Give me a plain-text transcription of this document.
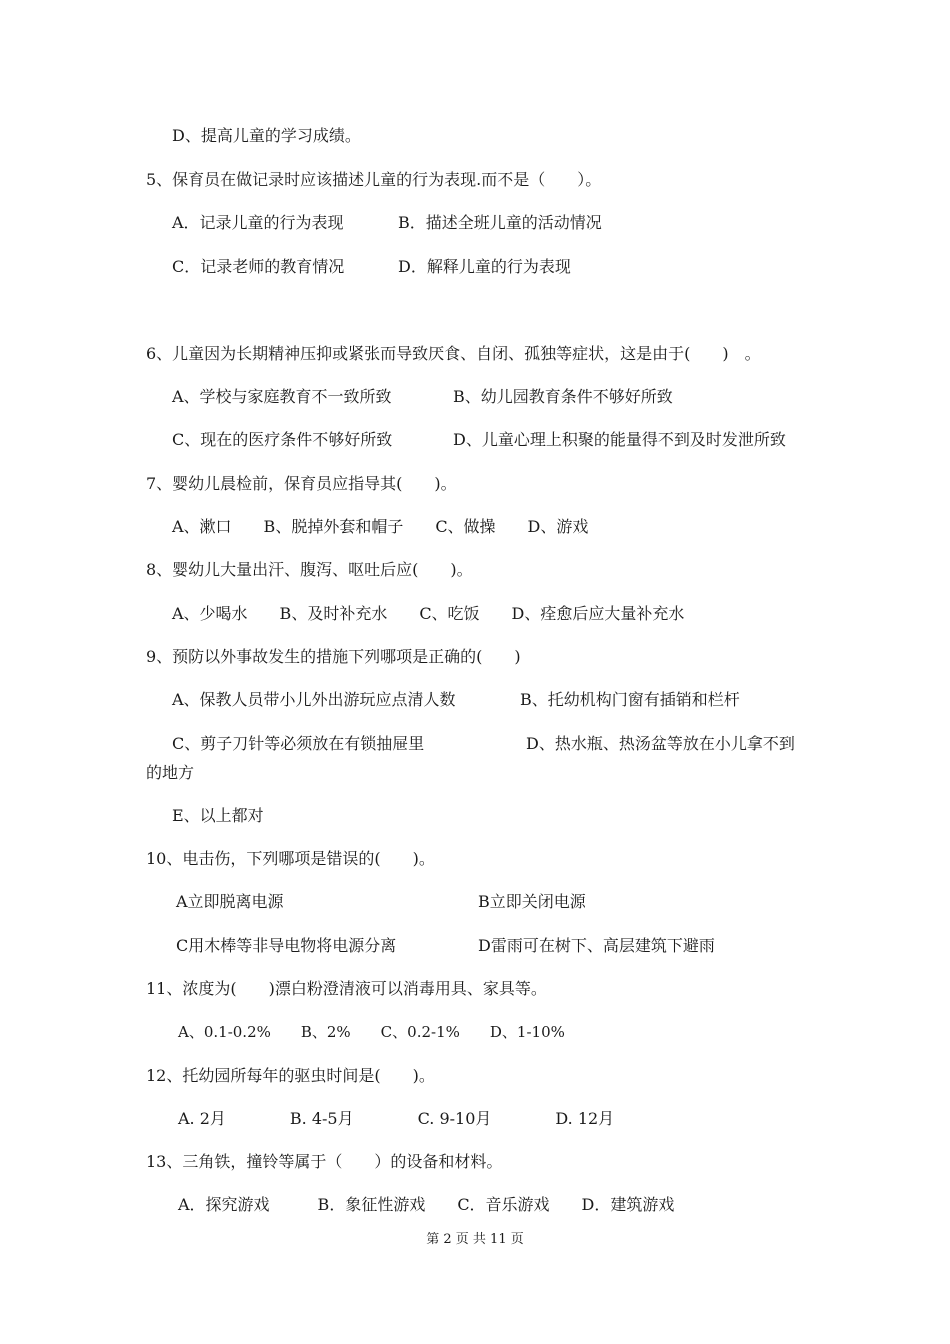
D、提高儿童的学习成绩。
5、保育员在做记录时应该描述儿童的行为表现.而不是（　　）。
A．记录儿童的行为表现	B．描述全班儿童的活动情况
C．记录老师的教育情况	D．解释儿童的行为表现
6、儿童因为长期精神压抑或紧张而导致厌食、自闭、孤独等症状，这是由于(　　)　。
A、学校与家庭教育不一致所致	B、幼儿园教育条件不够好所致
C、现在的医疗条件不够好所致	D、儿童心理上积聚的能量得不到及时发泄所致
7、婴幼儿晨检前，保育员应指导其(　　)。
A、漱口　　B、脱掉外套和帽子　　C、做操　　D、游戏
8、婴幼儿大量出汗、腹泻、呕吐后应(　　)。
A、少喝水　　B、及时补充水　　C、吃饭　　D、痊愈后应大量补充水
9、预防以外事故发生的措施下列哪项是正确的(　　)
A、保教人员带小儿外出游玩应点清人数	B、托幼机构门窗有插销和栏杆
C、剪子刀针等必须放在有锁抽屉里	D、热水瓶、热汤盆等放在小儿拿不到
的地方
E、以上都对
10、电击伤，下列哪项是错误的(　　)。
A立即脱离电源	B立即关闭电源
C用木棒等非导电物将电源分离	D雷雨可在树下、高层建筑下避雨
11、浓度为(　　)漂白粉澄清液可以消毒用具、家具等。
A、0.1-0.2%　　B、2%　　C、0.2-1%　　D、1-10%
12、托幼园所每年的驱虫时间是(　　)。
A. 2月　　　　B. 4-5月　　　　C. 9-10月　　　　D. 12月
13、三角铁，撞铃等属于（　　）的设备和材料。
A．探究游戏　　　B．象征性游戏　　C．音乐游戏　　D．建筑游戏
第 2 页 共 11 页
